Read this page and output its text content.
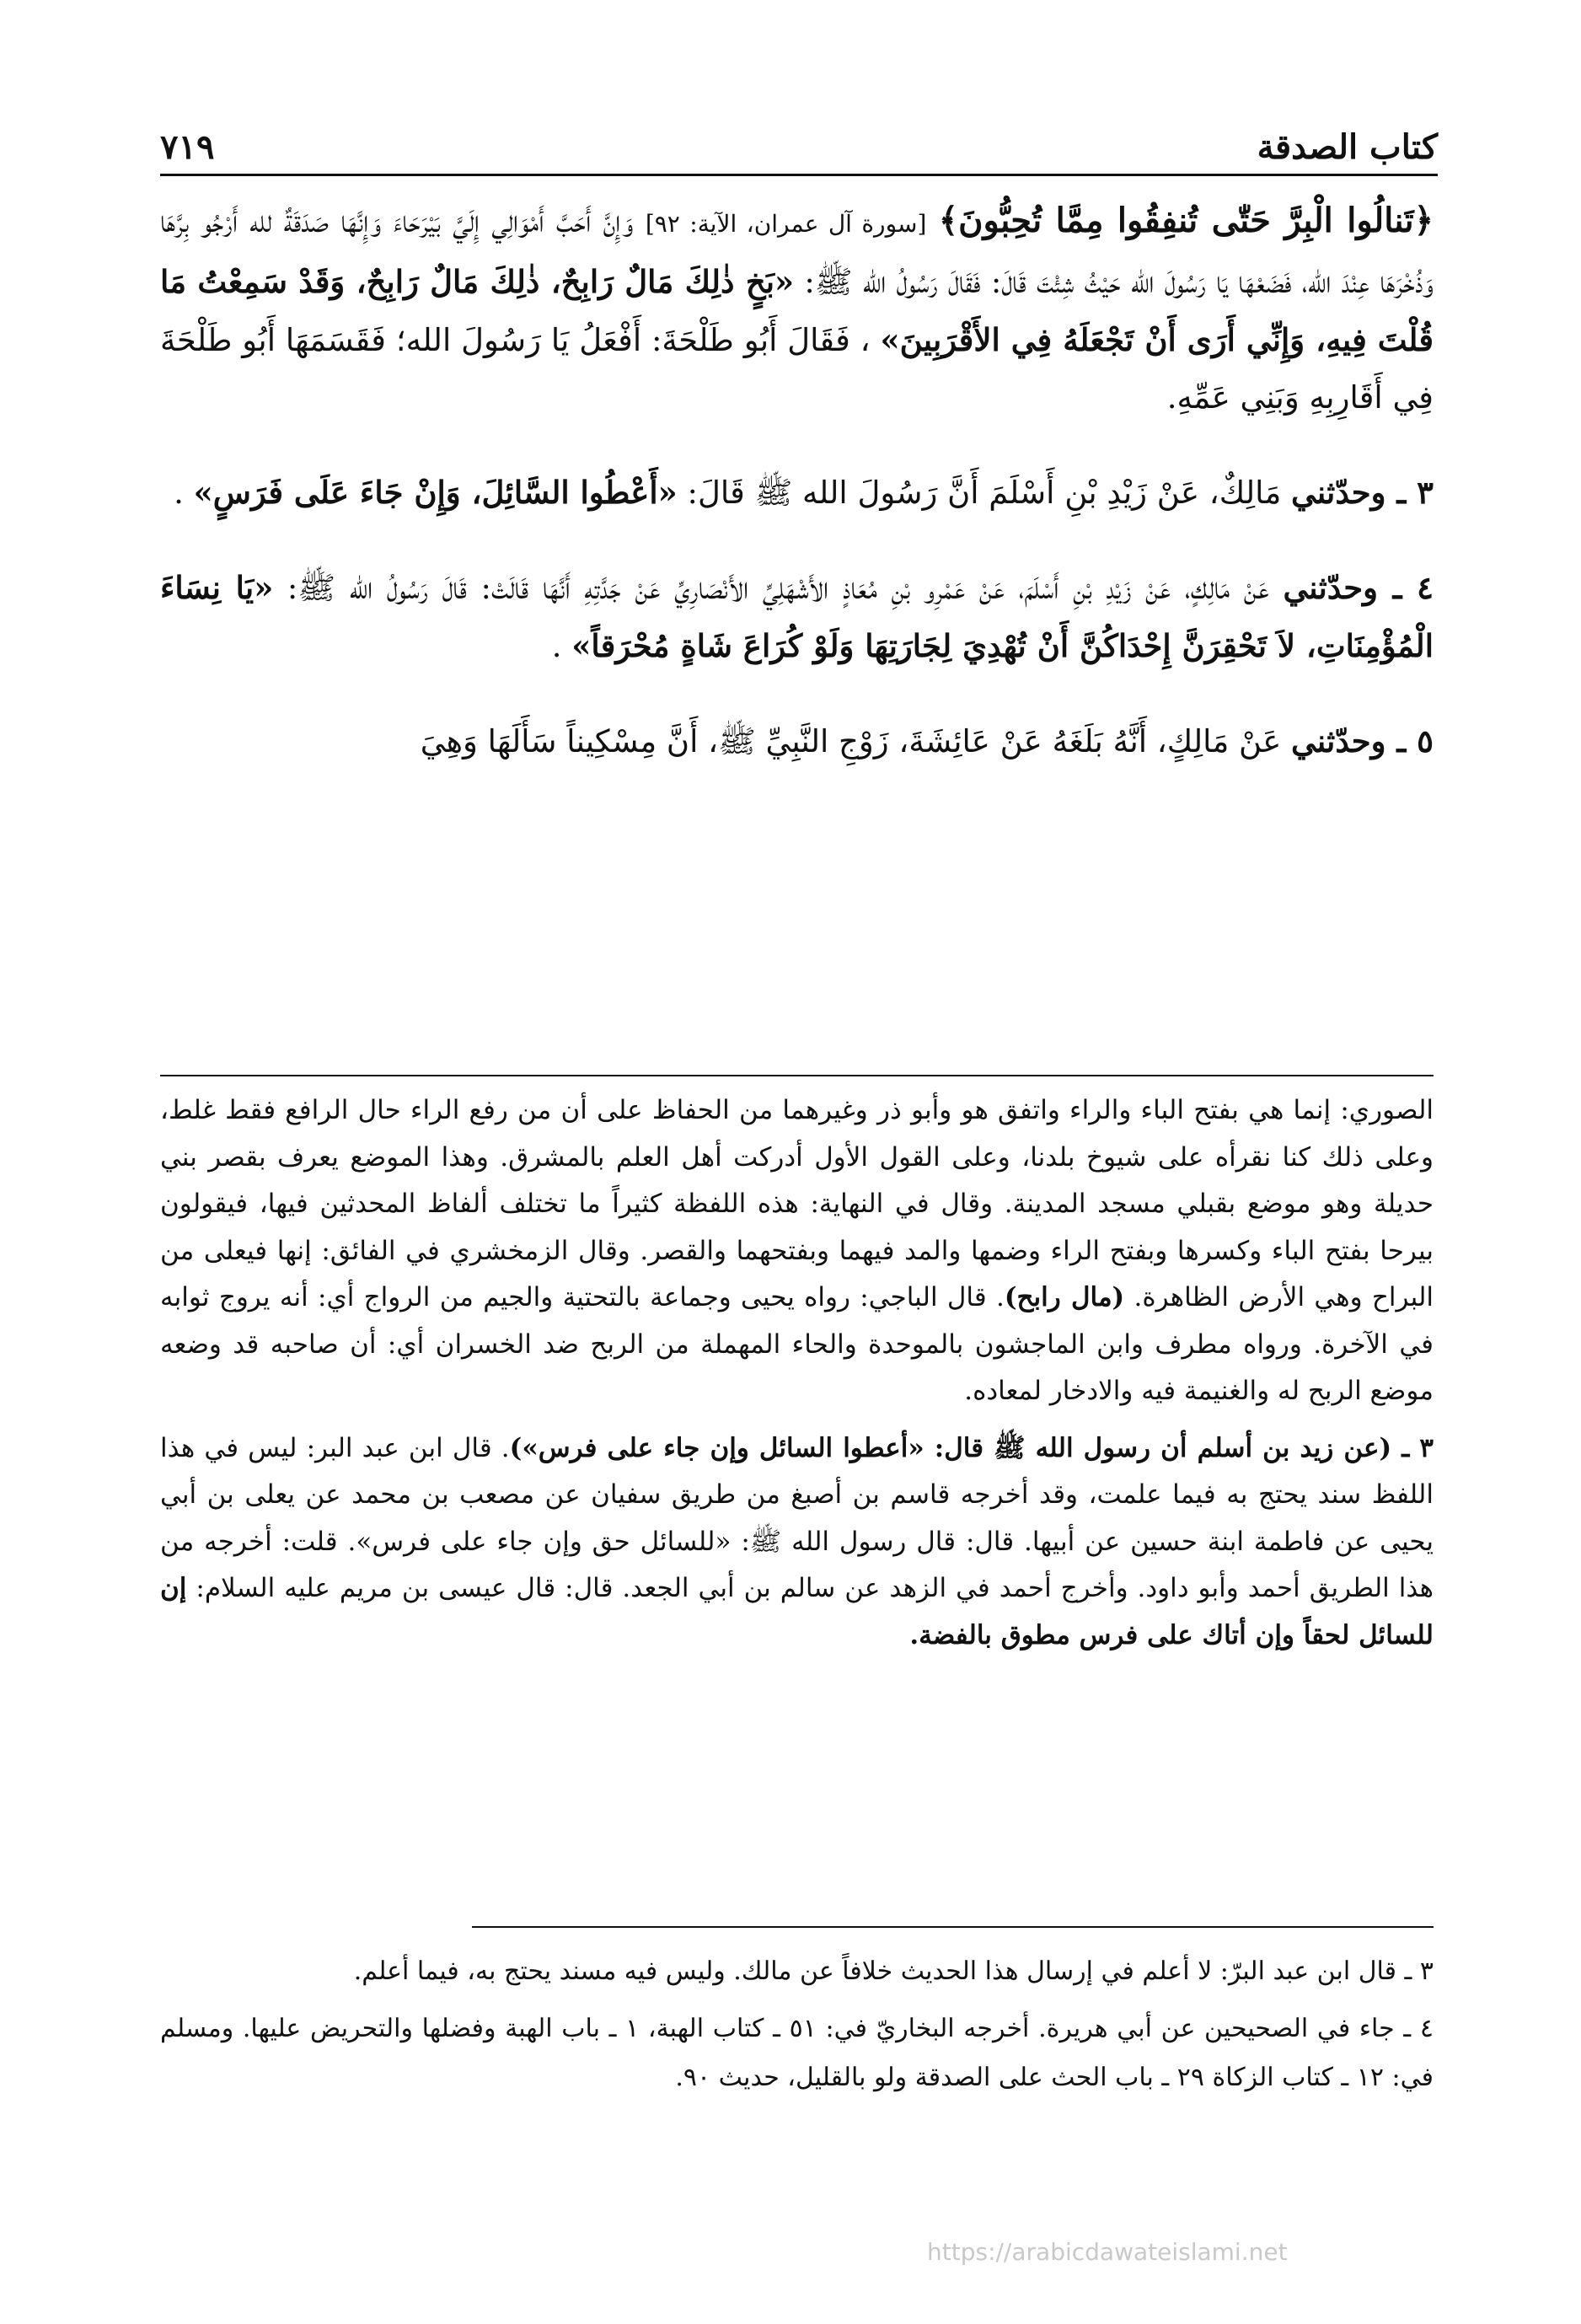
كتاب الصدقة
٧١٩

﴿تَنالُوا الْبِرَّ حَتّٰى تُنفِقُوا مِمَّا تُحِبُّونَ﴾ [سورة آل عمران، الآية: ٩٢] وَإِنَّ أَحَبَّ أَمْوَالِي إِلَيَّ بَيْرَحَاءَ وَإِنَّهَا صَدَقَةٌ لله أَرْجُو بِرَّهَا وَذُخْرَهَا عِنْدَ الله، فَضَعْهَا يَا رَسُولَ الله حَيْثُ شِئْتَ قَالَ: فَقَالَ رَسُولُ الله ﷺ: «بَخٍ ذٰلِكَ مَالٌ رَابِحٌ، ذٰلِكَ مَالٌ رَابِحٌ، وَقَدْ سَمِعْتُ مَا قُلْتَ فِيهِ، وَإِنِّي أَرَى أَنْ تَجْعَلَهُ فِي الأَقْرَبِينَ» ، فَقَالَ أَبُو طَلْحَةَ: أَفْعَلُ يَا رَسُولَ الله؛ فَقَسَمَهَا أَبُو طَلْحَةَ فِي أَقَارِبِهِ وَبَنِي عَمِّهِ.

٣ ـ وحدّثني مَالِكٌ، عَنْ زَيْدِ بْنِ أَسْلَمَ أَنَّ رَسُولَ الله ﷺ قَالَ: «أَعْطُوا السَّائِلَ، وَإِنْ جَاءَ عَلَى فَرَسٍ» .

٤ ـ وحدّثني عَنْ مَالِكٍ، عَنْ زَيْدِ بْنِ أَسْلَمَ، عَنْ عَمْرِو بْنِ مُعَاذٍ الأَشْهَلِيِّ الأَنْصَارِيِّ عَنْ جَدَّتِهِ أَنَّهَا قَالَتْ: قَالَ رَسُولُ الله ﷺ: «يَا نِسَاءَ الْمُؤْمِنَاتِ، لاَ تَحْقِرَنَّ إِحْدَاكُنَّ أَنْ تُهْدِيَ لِجَارَتِهَا وَلَوْ كُرَاعَ شَاةٍ مُحْرَقاً» .

٥ ـ وحدّثني عَنْ مَالِكٍ، أَنَّهُ بَلَغَهُ عَنْ عَائِشَةَ، زَوْجِ النَّبِيِّ ﷺ، أَنَّ مِسْكِيناً سَأَلَهَا وَهِيَ

الصوري: إنما هي بفتح الباء والراء واتفق هو وأبو ذر وغيرهما من الحفاظ على أن من رفع الراء حال الرافع فقط غلط، وعلى ذلك كنا نقرأه على شيوخ بلدنا، وعلى القول الأول أدركت أهل العلم بالمشرق. وهذا الموضع يعرف بقصر بني حديلة وهو موضع بقبلي مسجد المدينة. وقال في النهاية: هذه اللفظة كثيراً ما تختلف ألفاظ المحدثين فيها، فيقولون بيرحا بفتح الباء وكسرها وبفتح الراء وضمها والمد فيهما وبفتحهما والقصر. وقال الزمخشري في الفائق: إنها فيعلى من البراح وهي الأرض الظاهرة. (مال رابح). قال الباجي: رواه يحيى وجماعة بالتحتية والجيم من الرواج أي: أنه يروج ثوابه في الآخرة. ورواه مطرف وابن الماجشون بالموحدة والحاء المهملة من الربح ضد الخسران أي: أن صاحبه قد وضعه موضع الربح له والغنيمة فيه والادخار لمعاده.

٣ ـ (عن زيد بن أسلم أن رسول الله ﷺ قال: «أعطوا السائل وإن جاء على فرس»). قال ابن عبد البر: ليس في هذا اللفظ سند يحتج به فيما علمت، وقد أخرجه قاسم بن أصبغ من طريق سفيان عن مصعب بن محمد عن يعلى بن أبي يحيى عن فاطمة ابنة حسين عن أبيها. قال: قال رسول الله ﷺ: «للسائل حق وإن جاء على فرس». قلت: أخرجه من هذا الطريق أحمد وأبو داود. وأخرج أحمد في الزهد عن سالم بن أبي الجعد. قال: قال عيسى بن مريم عليه السلام: إن للسائل لحقاً وإن أتاك على فرس مطوق بالفضة.

٣ ـ قال ابن عبد البرّ: لا أعلم في إرسال هذا الحديث خلافاً عن مالك. وليس فيه مسند يحتج به، فيما أعلم.

٤ ـ جاء في الصحيحين عن أبي هريرة. أخرجه البخاريّ في: ٥١ ـ كتاب الهبة، ١ ـ باب الهبة وفضلها والتحريض عليها. ومسلم في: ١٢ ـ كتاب الزكاة ٢٩ ـ باب الحث على الصدقة ولو بالقليل، حديث ٩٠.

https://arabicdawateislami.net
